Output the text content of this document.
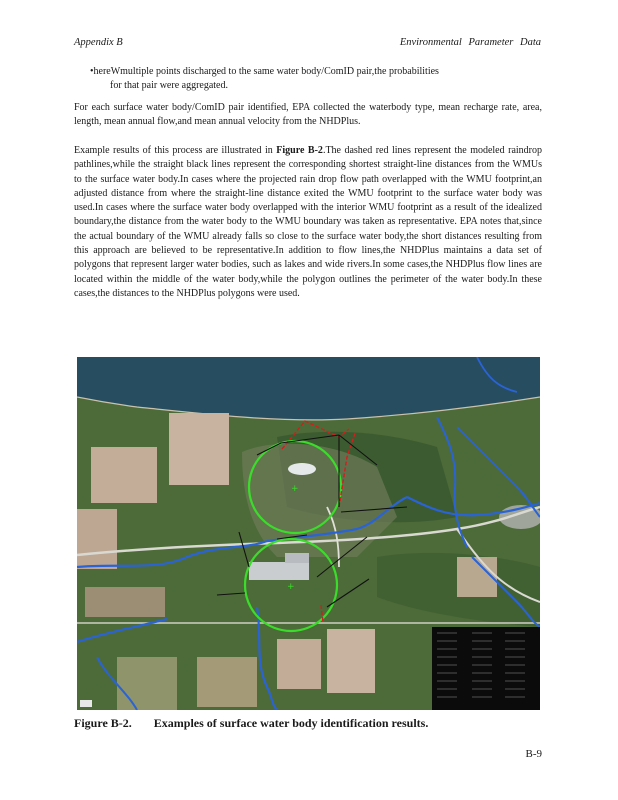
Appendix B	Environmental Parameter Data
•hereWmultiple points discharged to the same water body/ComID pair,the probabilities
for that pair were aggregated.
For each surface water body/ComID pair identified, EPA collected the waterbody type, mean recharge rate, area, length, mean annual flow,and mean annual velocity from the NHDPlus.
Example results of this process are illustrated in Figure B-2.The dashed red lines represent the modeled raindrop pathlines,while the straight black lines represent the corresponding shortest straight-line distances from the WMUs to the surface water body.In cases where the projected rain drop flow path overlapped with the WMU footprint,an adjusted distance from where the straight-line distance exited the WMU footprint to the surface water body was used.In cases where the surface water body overlapped with the interior WMU footprint as a result of the idealized boundary,the distance from the water body to the WMU boundary was taken as representative. EPA notes that,since the actual boundary of the WMU already falls so close to the surface water body,the short distances resulting from this approach are believed to be representative.In addition to flow lines,the NHDPlus maintains a data set of polygons that represent larger water bodies, such as lakes and wide rivers.In some cases,the NHDPlus flow lines are located within the middle of the water body,while the polygon outlines the perimeter of the water body.In these cases,the distances to the NHDPlus polygons were used.
+
+
Figure B-2. Examples of surface water body identification results.
B-9
